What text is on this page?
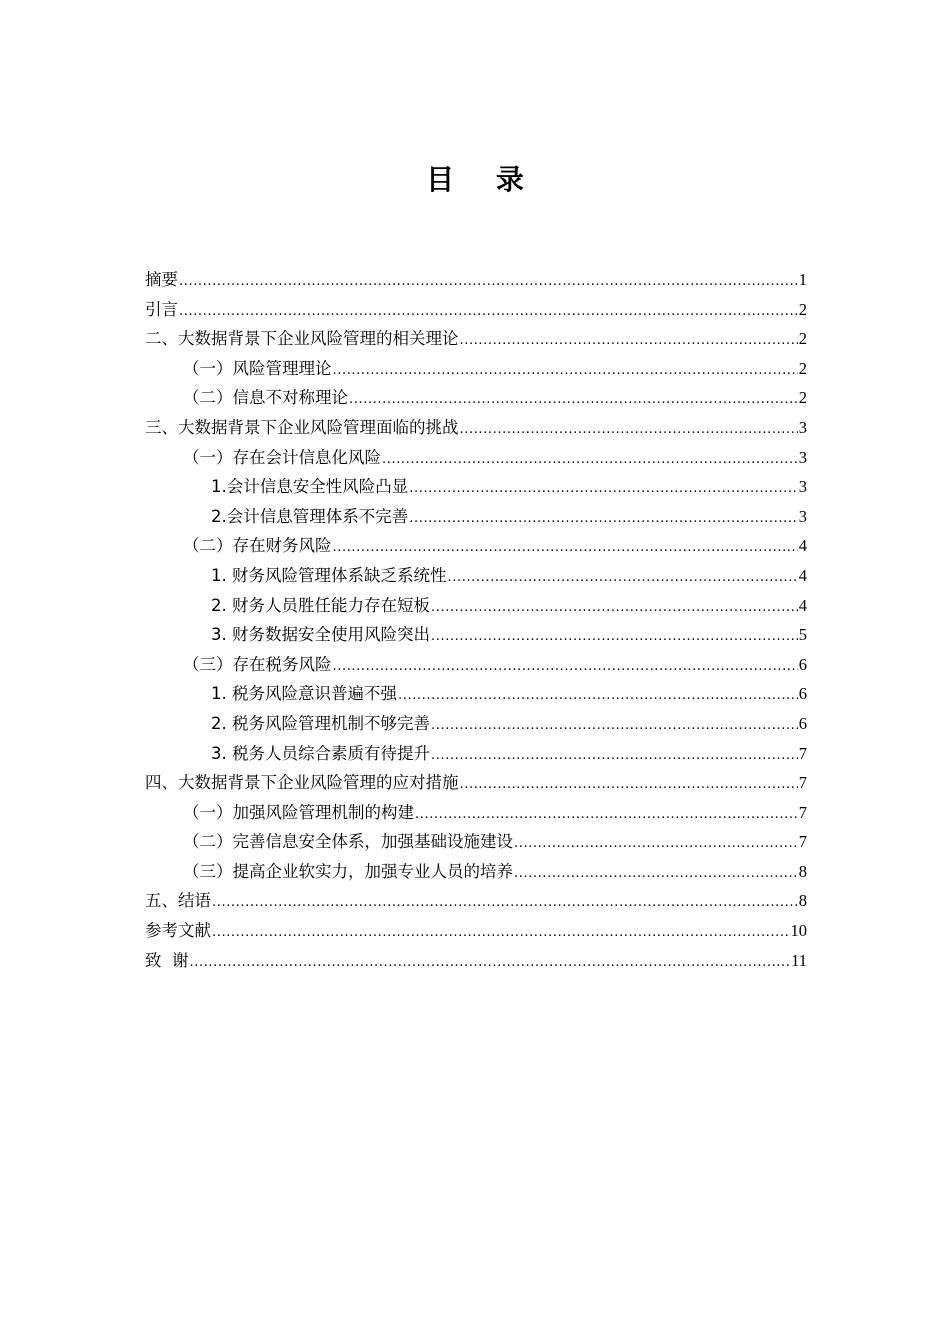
目 录
摘要 .....	1
引言 .....	2
二、大数据背景下企业风险管理的相关理论 .....	2
（一）风险管理理论 .....	2
（二）信息不对称理论 .....	2
三、大数据背景下企业风险管理面临的挑战 .....	3
（一）存在会计信息化风险 .....	3
1.会计信息安全性风险凸显 .....	3
2.会计信息管理体系不完善 .....	3
（二）存在财务风险 .....	4
1. 财务风险管理体系缺乏系统性 .....	4
2. 财务人员胜任能力存在短板 .....	4
3. 财务数据安全使用风险突出 .....	5
（三）存在税务风险 .....	6
1. 税务风险意识普遍不强 .....	6
2. 税务风险管理机制不够完善 .....	6
3. 税务人员综合素质有待提升 .....	7
四、大数据背景下企业风险管理的应对措施 .....	7
（一）加强风险管理机制的构建 .....	7
（二）完善信息安全体系，加强基础设施建设 .....	7
（三）提高企业软实力，加强专业人员的培养 .....	8
五、结语 .....	8
参考文献 .....	10
致  谢 .....	11
